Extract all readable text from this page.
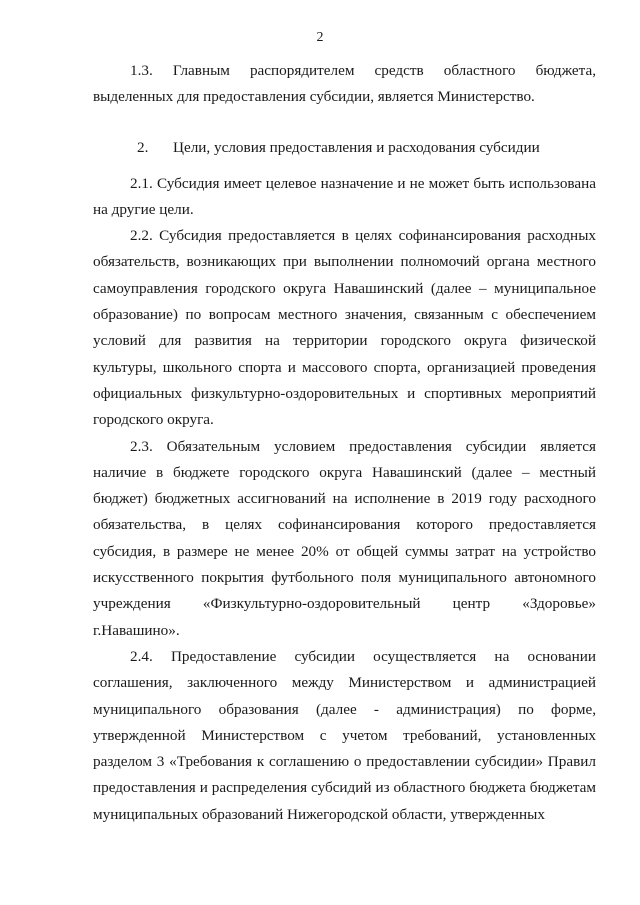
2

1.3. Главным распорядителем средств областного бюджета, выделенных для предоставления субсидии, является Министерство.

2. Цели, условия предоставления и расходования субсидии

2.1. Субсидия имеет целевое назначение и не может быть использована на другие цели.

2.2. Субсидия предоставляется в целях софинансирования расходных обязательств, возникающих при выполнении полномочий органа местного самоуправления городского округа Навашинский (далее – муниципальное образование) по вопросам местного значения, связанным с обеспечением условий для развития на территории городского округа физической культуры, школьного спорта и массового спорта, организацией проведения официальных физкультурно-оздоровительных и спортивных мероприятий городского округа.

2.3. Обязательным условием предоставления субсидии является наличие в бюджете городского округа Навашинский (далее – местный бюджет) бюджетных ассигнований на исполнение в 2019 году расходного обязательства, в целях софинансирования которого предоставляется субсидия, в размере не менее 20% от общей суммы затрат на устройство искусственного покрытия футбольного поля муниципального автономного учреждения «Физкультурно-оздоровительный центр «Здоровье» г.Навашино».

2.4. Предоставление субсидии осуществляется на основании соглашения, заключенного между Министерством и администрацией муниципального образования (далее - администрация) по форме, утвержденной Министерством с учетом требований, установленных разделом 3 «Требования к соглашению о предоставлении субсидии» Правил предоставления и распределения субсидий из областного бюджета бюджетам муниципальных образований Нижегородской области, утвержденных
